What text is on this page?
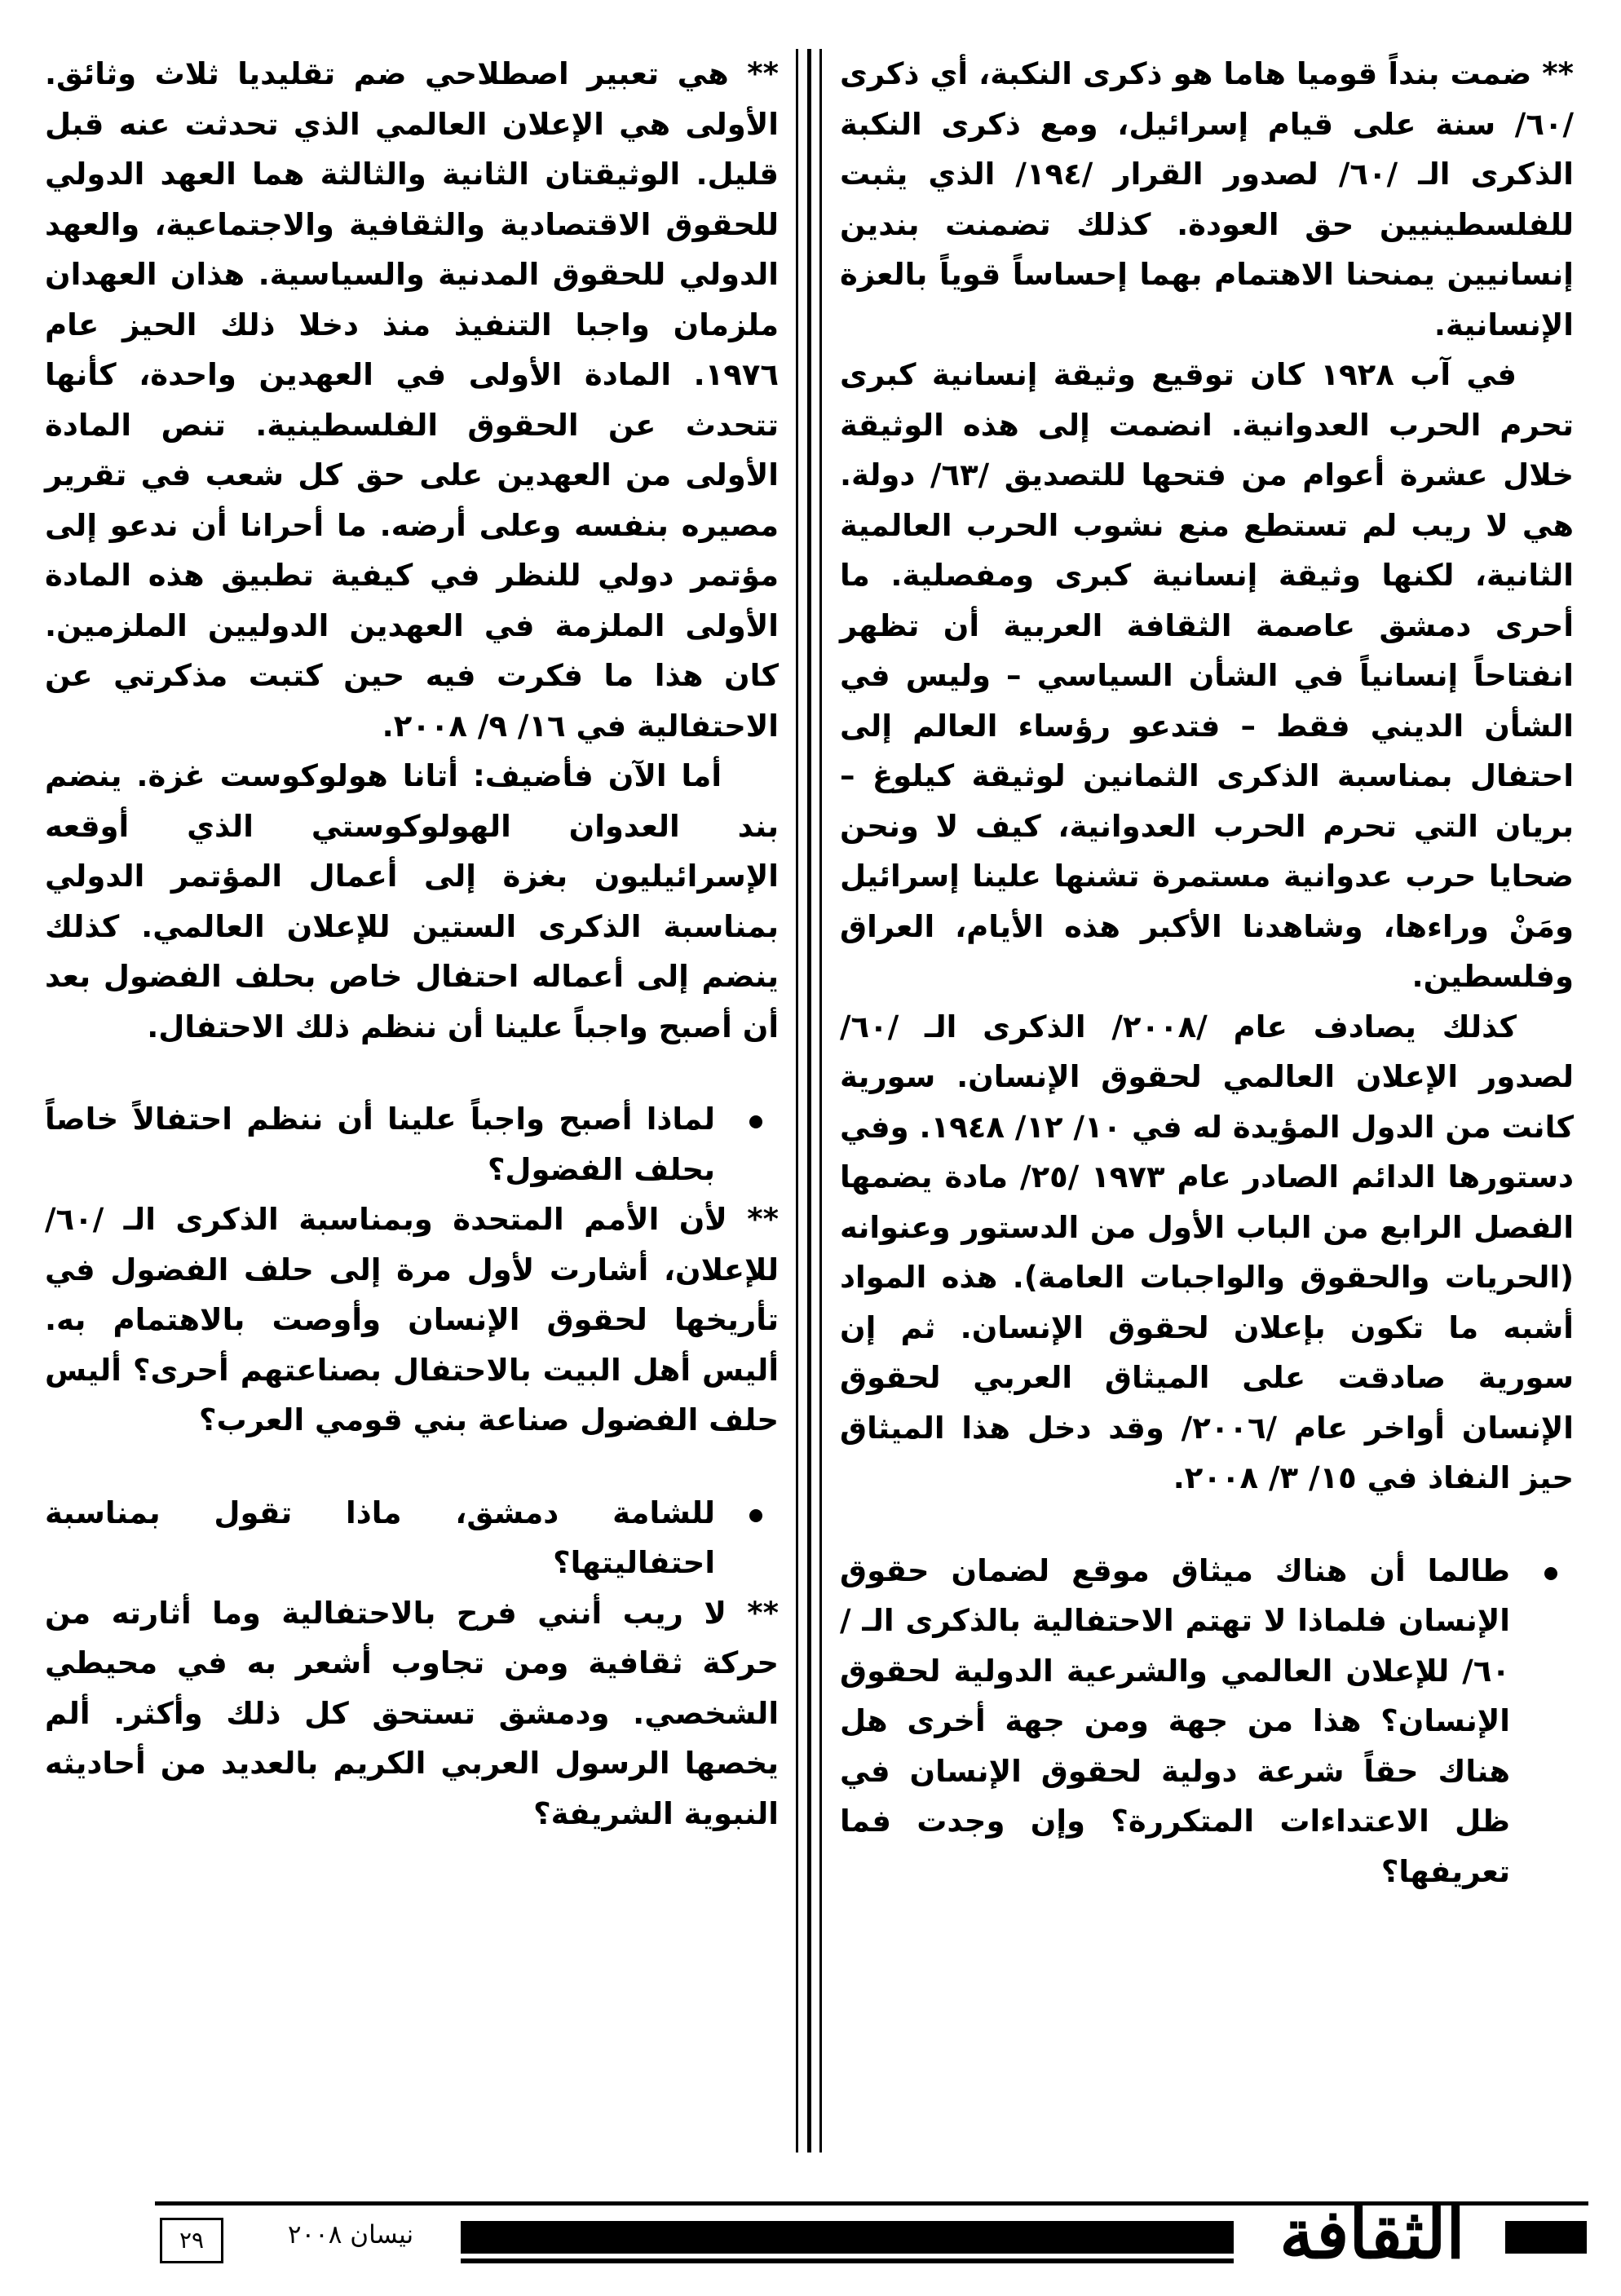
** ضمت بنداً قوميا هاما هو ذكرى النكبة، أي ذكرى /٦٠/ سنة على قيام إسرائيل، ومع ذكرى النكبة الذكرى الـ /٦٠/ لصدور القرار /١٩٤/ الذي يثبت للفلسطينيين حق العودة. كذلك تضمنت بندين إنسانيين يمنحنا الاهتمام بهما إحساساً قوياً بالعزة الإنسانية.

في آب ١٩٢٨ كان توقيع وثيقة إنسانية كبرى تحرم الحرب العدوانية. انضمت إلى هذه الوثيقة خلال عشرة أعوام من فتحها للتصديق /٦٣/ دولة. هي لا ريب لم تستطع منع نشوب الحرب العالمية الثانية، لكنها وثيقة إنسانية كبرى ومفصلية. ما أحرى دمشق عاصمة الثقافة العربية أن تظهر انفتاحاً إنسانياً في الشأن السياسي – وليس في الشأن الديني فقط – فتدعو رؤساء العالم إلى احتفال بمناسبة الذكرى الثمانين لوثيقة كيلوغ – بريان التي تحرم الحرب العدوانية، كيف لا ونحن ضحايا حرب عدوانية مستمرة تشنها علينا إسرائيل ومَنْ وراءها، وشاهدنا الأكبر هذه الأيام، العراق وفلسطين.

كذلك يصادف عام /٢٠٠٨/ الذكرى الـ /٦٠/ لصدور الإعلان العالمي لحقوق الإنسان. سورية كانت من الدول المؤيدة له في ١٠/ ١٢/ ١٩٤٨. وفي دستورها الدائم الصادر عام ١٩٧٣ /٢٥/ مادة يضمها الفصل الرابع من الباب الأول من الدستور وعنوانه (الحريات والحقوق والواجبات العامة). هذه المواد أشبه ما تكون بإعلان لحقوق الإنسان. ثم إن سورية صادقت على الميثاق العربي لحقوق الإنسان أواخر عام /٢٠٠٦/ وقد دخل هذا الميثاق حيز النفاذ في ١٥/ ٣/ ٢٠٠٨.

طالما أن هناك ميثاق موقع لضمان حقوق الإنسان فلماذا لا تهتم الاحتفالية بالذكرى الـ /٦٠/ للإعلان العالمي والشرعية الدولية لحقوق الإنسان؟ هذا من جهة ومن جهة أخرى هل هناك حقاً شرعة دولية لحقوق الإنسان في ظل الاعتداءات المتكررة؟ وإن وجدت فما تعريفها؟

** هي تعبير اصطلاحي ضم تقليديا ثلاث وثائق. الأولى هي الإعلان العالمي الذي تحدثت عنه قبل قليل. الوثيقتان الثانية والثالثة هما العهد الدولي للحقوق الاقتصادية والثقافية والاجتماعية، والعهد الدولي للحقوق المدنية والسياسية. هذان العهدان ملزمان واجبا التنفيذ منذ دخلا ذلك الحيز عام ١٩٧٦. المادة الأولى في العهدين واحدة، كأنها تتحدث عن الحقوق الفلسطينية. تنص المادة الأولى من العهدين على حق كل شعب في تقرير مصيره بنفسه وعلى أرضه. ما أحرانا أن ندعو إلى مؤتمر دولي للنظر في كيفية تطبيق هذه المادة الأولى الملزمة في العهدين الدوليين الملزمين. كان هذا ما فكرت فيه حين كتبت مذكرتي عن الاحتفالية في ١٦/ ٩/ ٢٠٠٨.

أما الآن فأضيف: أتانا هولوكوست غزة. ينضم بند العدوان الهولوكوستي الذي أوقعه الإسرائيليون بغزة إلى أعمال المؤتمر الدولي بمناسبة الذكرى الستين للإعلان العالمي. كذلك ينضم إلى أعماله احتفال خاص بحلف الفضول بعد أن أصبح واجباً علينا أن ننظم ذلك الاحتفال.

لماذا أصبح واجباً علينا أن ننظم احتفالاً خاصاً بحلف الفضول؟

** لأن الأمم المتحدة وبمناسبة الذكرى الـ /٦٠/ للإعلان، أشارت لأول مرة إلى حلف الفضول في تأريخها لحقوق الإنسان وأوصت بالاهتمام به. أليس أهل البيت بالاحتفال بصناعتهم أحرى؟ أليس حلف الفضول صناعة بني قومي العرب؟

للشامة دمشق، ماذا تقول بمناسبة احتفاليتها؟

** لا ريب أنني فرح بالاحتفالية وما أثارته من حركة ثقافية ومن تجاوب أشعر به في محيطي الشخصي. ودمشق تستحق كل ذلك وأكثر. ألم يخصها الرسول العربي الكريم بالعديد من أحاديثه النبوية الشريفة؟

الثقافة
نيسان ٢٠٠٨
٢٩
